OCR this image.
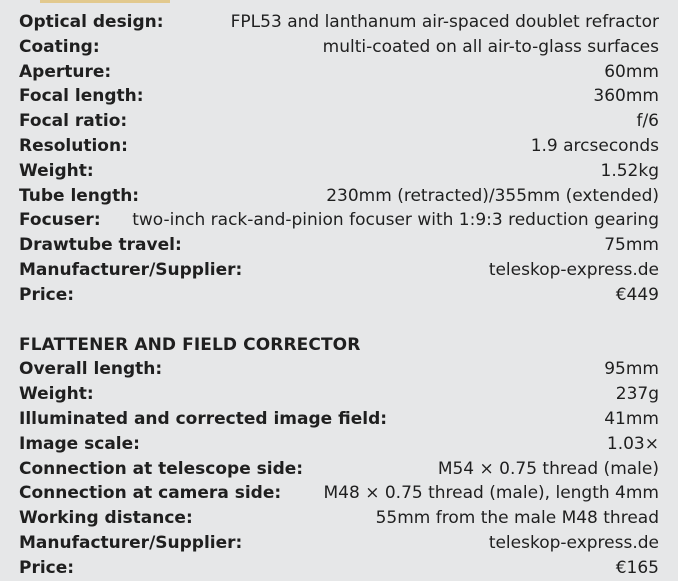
Optical design:	FPL53 and lanthanum air-spaced doublet refractor
Coating:	multi-coated on all air-to-glass surfaces
Aperture:	60mm
Focal length:	360mm
Focal ratio:	f/6
Resolution:	1.9 arcseconds
Weight:	1.52kg
Tube length:	230mm (retracted)/355mm (extended)
Focuser: two-inch rack-and-pinion focuser with 1:9:3 reduction gearing
Drawtube travel:	75mm
Manufacturer/Supplier:	teleskop-express.de
Price:	€449
FLATTENER AND FIELD CORRECTOR
Overall length:	95mm
Weight:	237g
Illuminated and corrected image field:	41mm
Image scale:	1.03×
Connection at telescope side:	M54 × 0.75 thread (male)
Connection at camera side: M48 × 0.75 thread (male), length 4mm
Working distance:	55mm from the male M48 thread
Manufacturer/Supplier:	teleskop-express.de
Price:	€165
